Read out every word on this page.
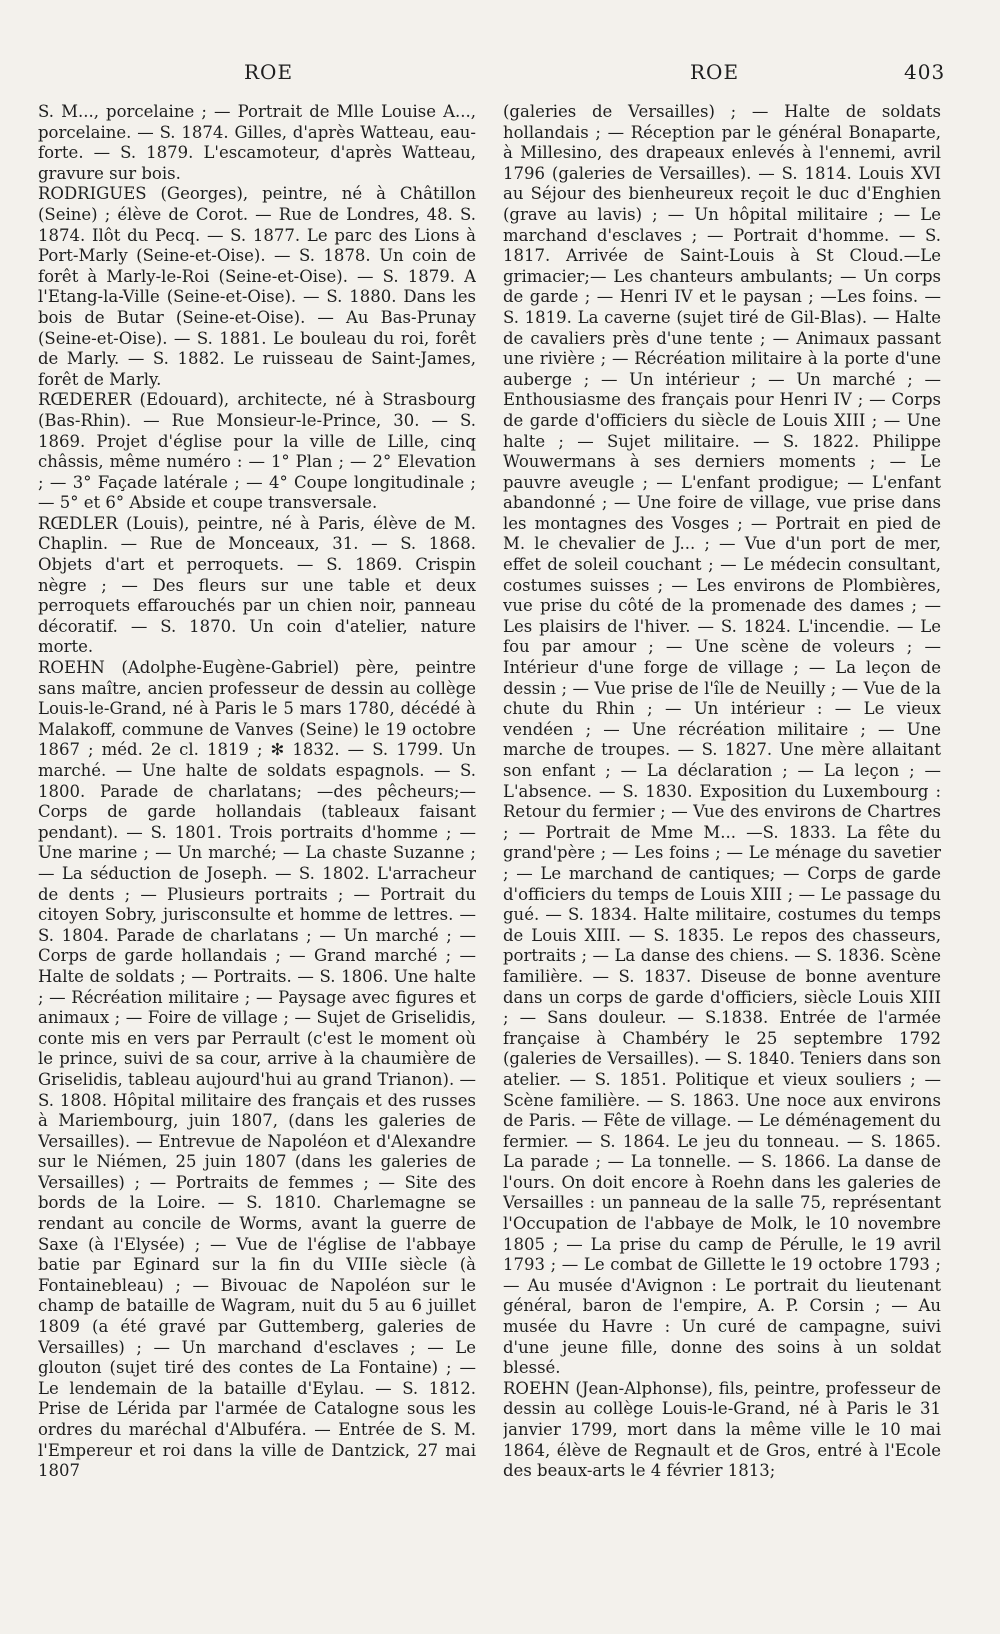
ROE	ROE	403

S. M..., porcelaine ; — Portrait de Mlle Louise A..., porcelaine. — S. 1874. Gilles, d'après Watteau, eau-forte. — S. 1879. L'escamoteur, d'après Watteau, gravure sur bois.

RODRIGUES (Georges), peintre, né à Châtillon (Seine) ; élève de Corot. — Rue de Londres, 48. S. 1874. Ilôt du Pecq. — S. 1877. Le parc des Lions à Port-Marly (Seine-et-Oise). — S. 1878. Un coin de forêt à Marly-le-Roi (Seine-et-Oise). — S. 1879. A l'Etang-la-Ville (Seine-et-Oise). — S. 1880. Dans les bois de Butar (Seine-et-Oise). — Au Bas-Prunay (Seine-et-Oise). — S. 1881. Le bouleau du roi, forêt de Marly. — S. 1882. Le ruisseau de Saint-James, forêt de Marly.

RŒDERER (Edouard), architecte, né à Strasbourg (Bas-Rhin). — Rue Monsieur-le-Prince, 30. — S. 1869. Projet d'église pour la ville de Lille, cinq châssis, même numéro : — 1° Plan ; — 2° Elevation ; — 3° Façade latérale ; — 4° Coupe longitudinale ; — 5° et 6° Abside et coupe transversale.

RŒDLER (Louis), peintre, né à Paris, élève de M. Chaplin. — Rue de Monceaux, 31. — S. 1868. Objets d'art et perroquets. — S. 1869. Crispin nègre ; — Des fleurs sur une table et deux perroquets effarouchés par un chien noir, panneau décoratif. — S. 1870. Un coin d'atelier, nature morte.

ROEHN (Adolphe-Eugène-Gabriel) père, peintre sans maître, ancien professeur de dessin au collège Louis-le-Grand, né à Paris le 5 mars 1780, décédé à Malakoff, commune de Vanves (Seine) le 19 octobre 1867 ; méd. 2e cl. 1819 ; ✻ 1832. — S. 1799. Un marché. — Une halte de soldats espagnols. — S. 1800. Parade de charlatans; —des pêcheurs;— Corps de garde hollandais (tableaux faisant pendant). — S. 1801. Trois portraits d'homme ; — Une marine ; — Un marché; — La chaste Suzanne ; — La séduction de Joseph. — S. 1802. L'arracheur de dents ; — Plusieurs portraits ; — Portrait du citoyen Sobry, jurisconsulte et homme de lettres. — S. 1804. Parade de charlatans ; — Un marché ; — Corps de garde hollandais ; — Grand marché ; — Halte de soldats ; — Portraits. — S. 1806. Une halte ; — Récréation militaire ; — Paysage avec figures et animaux ; — Foire de village ; — Sujet de Griselidis, conte mis en vers par Perrault (c'est le moment où le prince, suivi de sa cour, arrive à la chaumière de Griselidis, tableau aujourd'hui au grand Trianon). — S. 1808. Hôpital militaire des français et des russes à Mariembourg, juin 1807, (dans les galeries de Versailles). — Entrevue de Napoléon et d'Alexandre sur le Niémen, 25 juin 1807 (dans les galeries de Versailles) ; — Portraits de femmes ; — Site des bords de la Loire. — S. 1810. Charlemagne se rendant au concile de Worms, avant la guerre de Saxe (à l'Elysée) ; — Vue de l'église de l'abbaye batie par Eginard sur la fin du VIIIe siècle (à Fontainebleau) ; — Bivouac de Napoléon sur le champ de bataille de Wagram, nuit du 5 au 6 juillet 1809 (a été gravé par Guttemberg, galeries de Versailles) ; — Un marchand d'esclaves ; — Le glouton (sujet tiré des contes de La Fontaine) ; — Le lendemain de la bataille d'Eylau. — S. 1812. Prise de Lérida par l'armée de Catalogne sous les ordres du maréchal d'Albuféra. — Entrée de S. M. l'Empereur et roi dans la ville de Dantzick, 27 mai 1807

(galeries de Versailles) ; — Halte de soldats hollandais ; — Réception par le général Bonaparte, à Millesino, des drapeaux enlevés à l'ennemi, avril 1796 (galeries de Versailles). — S. 1814. Louis XVI au Séjour des bienheureux reçoit le duc d'Enghien (grave au lavis) ; — Un hôpital militaire ; — Le marchand d'esclaves ; — Portrait d'homme. — S. 1817. Arrivée de Saint-Louis à St Cloud.—Le grimacier;— Les chanteurs ambulants; — Un corps de garde ; — Henri IV et le paysan ; —Les foins. —S. 1819. La caverne (sujet tiré de Gil-Blas). — Halte de cavaliers près d'une tente ; — Animaux passant une rivière ; — Récréation militaire à la porte d'une auberge ; — Un intérieur ; — Un marché ; — Enthousiasme des français pour Henri IV ; — Corps de garde d'officiers du siècle de Louis XIII ; — Une halte ; — Sujet militaire. — S. 1822. Philippe Wouwermans à ses derniers moments ; — Le pauvre aveugle ; — L'enfant prodigue; — L'enfant abandonné ; — Une foire de village, vue prise dans les montagnes des Vosges ; — Portrait en pied de M. le chevalier de J... ; — Vue d'un port de mer, effet de soleil couchant ; — Le médecin consultant, costumes suisses ; — Les environs de Plombières, vue prise du côté de la promenade des dames ; — Les plaisirs de l'hiver. — S. 1824. L'incendie. — Le fou par amour ; — Une scène de voleurs ; — Intérieur d'une forge de village ; — La leçon de dessin ; — Vue prise de l'île de Neuilly ; — Vue de la chute du Rhin ; — Un intérieur : — Le vieux vendéen ; — Une récréation militaire ; — Une marche de troupes. — S. 1827. Une mère allaitant son enfant ; — La déclaration ; — La leçon ; — L'absence. — S. 1830. Exposition du Luxembourg : Retour du fermier ; — Vue des environs de Chartres ; — Portrait de Mme M... —S. 1833. La fête du grand'père ; — Les foins ; — Le ménage du savetier ; — Le marchand de cantiques; — Corps de garde d'officiers du temps de Louis XIII ; — Le passage du gué. — S. 1834. Halte militaire, costumes du temps de Louis XIII. — S. 1835. Le repos des chasseurs, portraits ; — La danse des chiens. — S. 1836. Scène familière. — S. 1837. Diseuse de bonne aventure dans un corps de garde d'officiers, siècle Louis XIII ; — Sans douleur. — S.1838. Entrée de l'armée française à Chambéry le 25 septembre 1792 (galeries de Versailles). — S. 1840. Teniers dans son atelier. — S. 1851. Politique et vieux souliers ; — Scène familière. — S. 1863. Une noce aux environs de Paris. — Fête de village. — Le déménagement du fermier. — S. 1864. Le jeu du tonneau. — S. 1865. La parade ; — La tonnelle. — S. 1866. La danse de l'ours. On doit encore à Roehn dans les galeries de Versailles : un panneau de la salle 75, représentant l'Occupation de l'abbaye de Molk, le 10 novembre 1805 ; — La prise du camp de Pérulle, le 19 avril 1793 ; — Le combat de Gillette le 19 octobre 1793 ; — Au musée d'Avignon : Le portrait du lieutenant général, baron de l'empire, A. P. Corsin ; — Au musée du Havre : Un curé de campagne, suivi d'une jeune fille, donne des soins à un soldat blessé.

ROEHN (Jean-Alphonse), fils, peintre, professeur de dessin au collège Louis-le-Grand, né à Paris le 31 janvier 1799, mort dans la même ville le 10 mai 1864, élève de Regnault et de Gros, entré à l'Ecole des beaux-arts le 4 février 1813;
